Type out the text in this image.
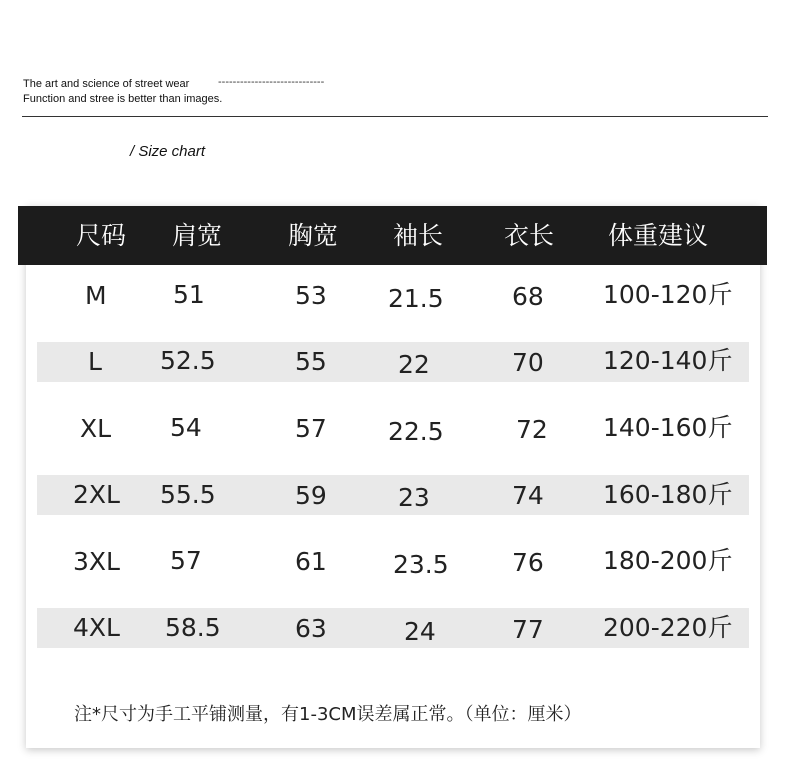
The art and science of street wear	-----------------------------
Function and stree is better than images.
/ Size chart
尺码 肩宽	胸宽 袖长 衣长 体重建议
M	51	53 21.5	68 100-120斤
L 52.5	55	22	70 120-140斤
XL 54	57 22.5	72 140-160斤
2XL 55.5	59	23	74 160-180斤
3XL 57	61	23.5	76 180-200斤
4XL 58.5	63	24	77 200-220斤
注*尺寸为手工平铺测量，有1-3CM误差属正常。（单位：厘米）
